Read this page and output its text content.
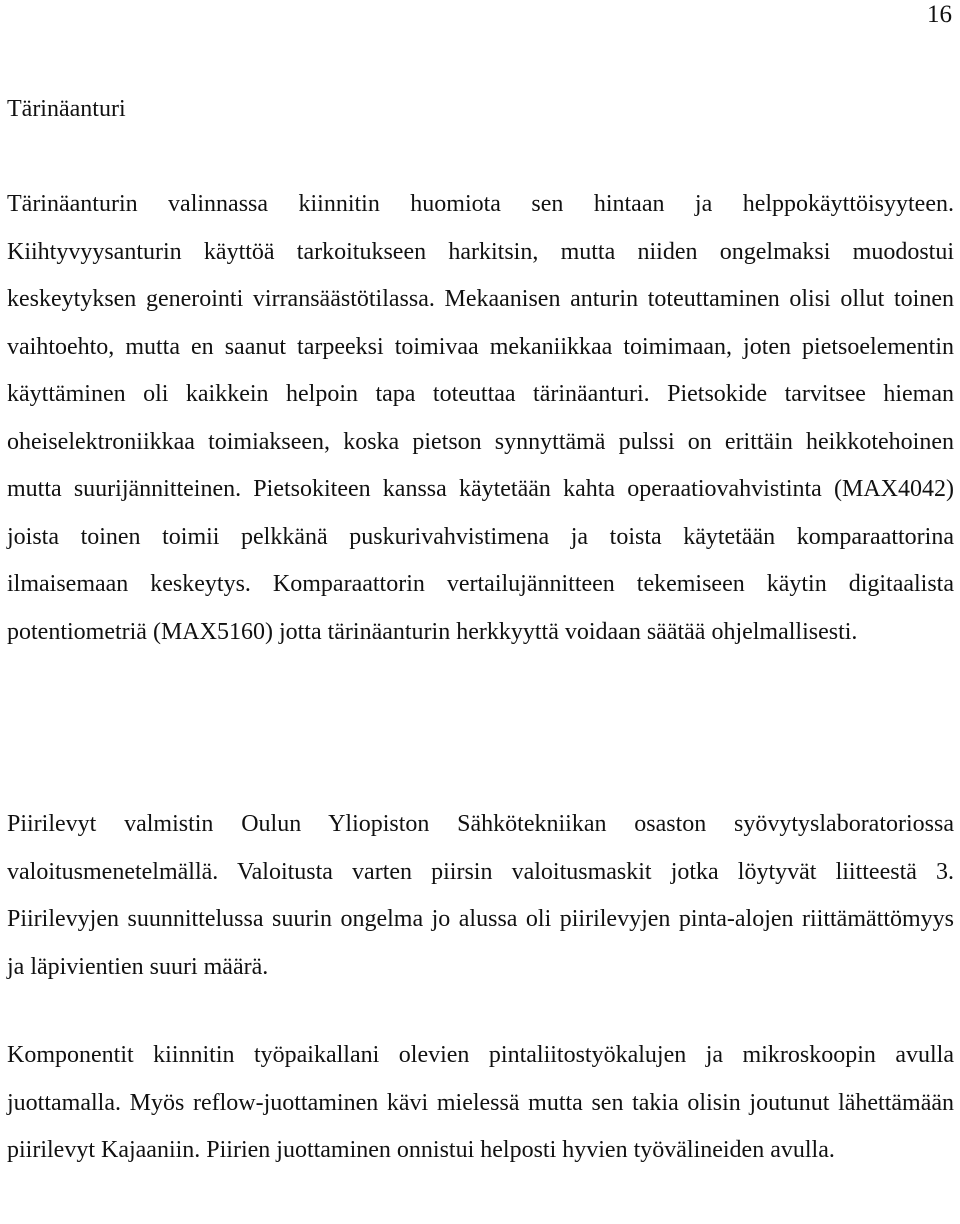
16
Tärinäanturi

Tärinäanturin valinnassa kiinnitin huomiota sen hintaan ja helppokäyttöisyyteen. Kiihtyvyysanturin käyttöä tarkoitukseen harkitsin, mutta niiden ongelmaksi muodostui keskeytyksen generointi virransäästötilassa. Mekaanisen anturin toteuttaminen olisi ollut toinen vaihtoehto, mutta en saanut tarpeeksi toimivaa mekaniikkaa toimimaan, joten pietsoelementin käyttäminen oli kaikkein helpoin tapa toteuttaa tärinäanturi. Pietsokide tarvitsee hieman oheiselektroniikkaa toimiakseen, koska pietson synnyttämä pulssi on erittäin heikkotehoinen mutta suurijännitteinen. Pietsokiteen kanssa käytetään kahta operaatiovahvistinta (MAX4042) joista toinen toimii pelkkänä puskurivahvistimena ja toista käytetään komparaattorina ilmaisemaan keskeytys. Komparaattorin vertailujännitteen tekemiseen käytin digitaalista potentiometriä (MAX5160) jotta tärinäanturin herkkyyttä voidaan säätää ohjelmallisesti.

Piirilevyt valmistin Oulun Yliopiston Sähkötekniikan osaston syövytyslaboratoriossa valoitusmenetelmällä. Valoitusta varten piirsin valoitusmaskit jotka löytyvät liitteestä 3. Piirilevyjen suunnittelussa suurin ongelma jo alussa oli piirilevyjen pinta-alojen riittämättömyys ja läpivientien suuri määrä.

Komponentit kiinnitin työpaikallani olevien pintaliitostyökalujen ja mikroskoopin avulla juottamalla. Myös reflow-juottaminen kävi mielessä mutta sen takia olisin joutunut lähettämään piirilevyt Kajaaniin. Piirien juottaminen onnistui helposti hyvien työvälineiden avulla.
